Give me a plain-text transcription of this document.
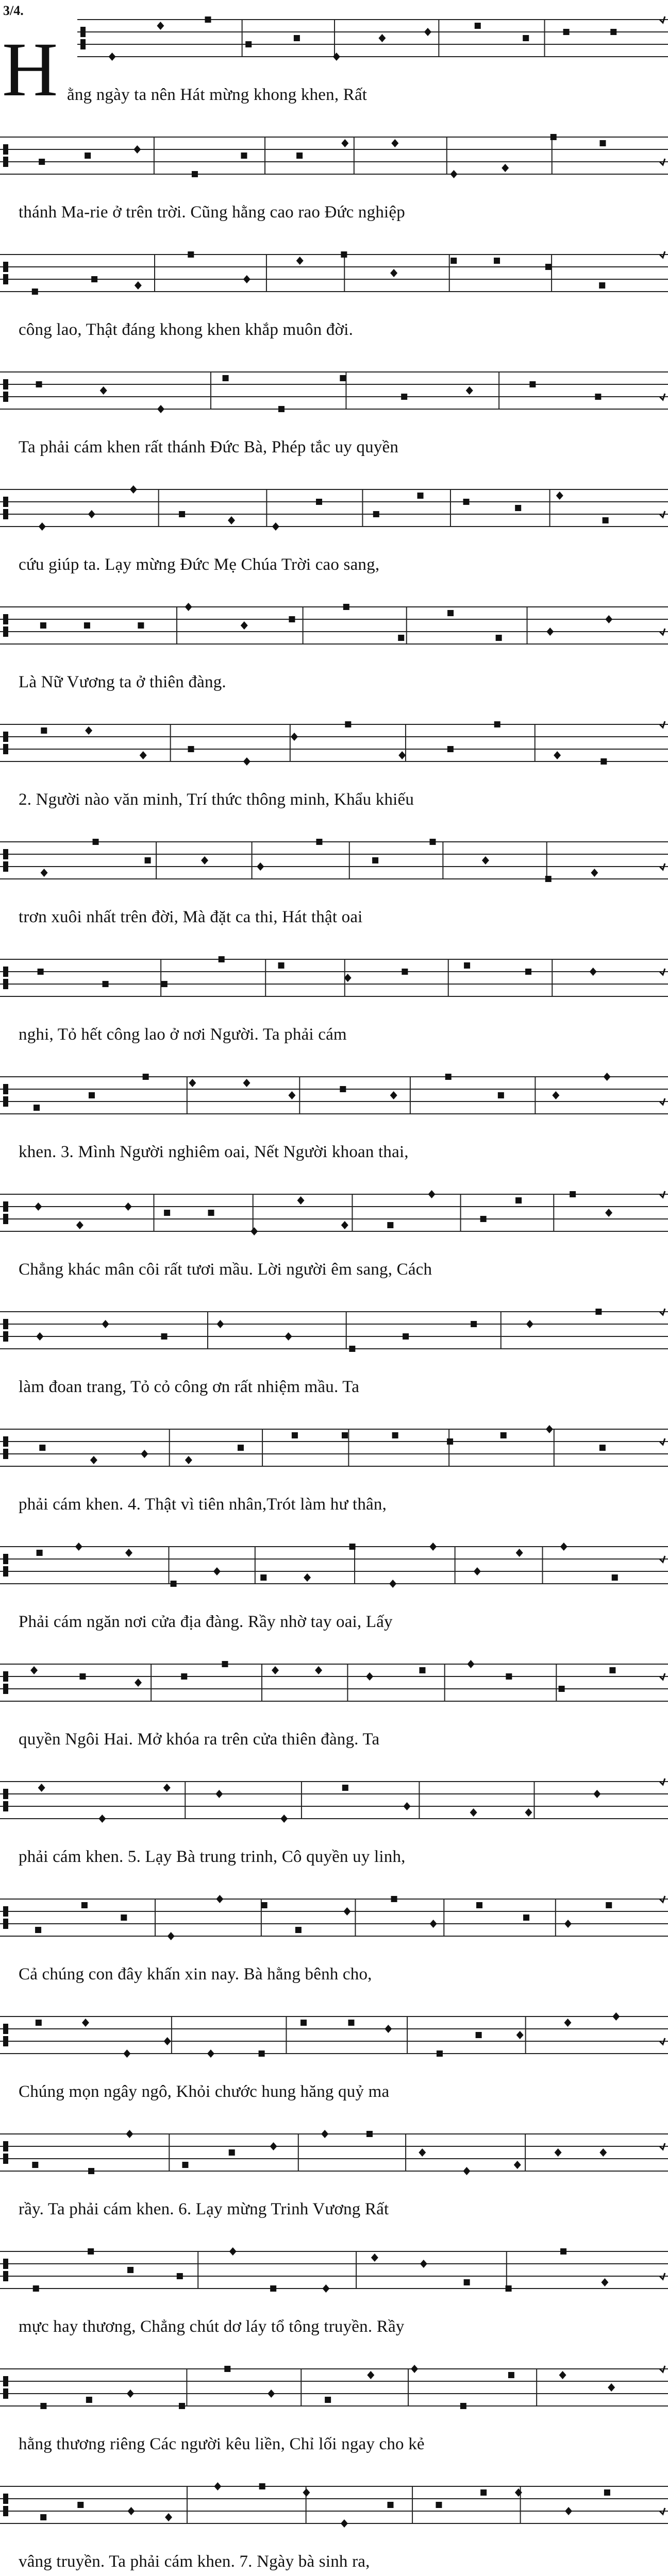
3/4.
ằng ngày ta nên Hát mừng khong khen, Rất
H
thánh Ma-rie ở trên trời. Cũng hằng cao rao Đức nghiệp
công lao, Thật đáng khong khen khắp muôn đời.
Ta phải cám khen rất thánh Đức Bà, Phép tắc uy quyền
cứu giúp ta. Lạy mừng Đức Mẹ Chúa Trời cao sang,
Là Nữ Vương ta ở thiên đàng.
2. Người nào văn minh, Trí thức thông minh, Khẩu khiếu
trơn xuôi nhất trên đời, Mà đặt ca thi, Hát thật oai
nghi, Tỏ hết công lao ở nơi Người. Ta phải cám
khen. 3. Mình Người nghiêm oai, Nết Người khoan thai,
Chẳng khác mân côi rất tươi mầu. Lời người êm sang, Cách
làm đoan trang, Tỏ cỏ công ơn rất nhiệm mầu. Ta
phải cám khen. 4. Thật vì tiên nhân,Trót làm hư thân,
Phải cám ngăn nơi cửa địa đàng. Rầy nhờ tay oai, Lấy
quyền Ngôi Hai. Mở khóa ra trên cửa thiên đàng. Ta
phải cám khen. 5. Lạy Bà trung trinh, Cô quyền uy linh,
Cả chúng con đây khấn xin nay. Bà hằng bênh cho,
Chúng mọn ngây ngô, Khỏi chước hung hăng quỷ ma
rầy. Ta phải cám khen. 6. Lạy mừng Trinh Vương Rất
mực hay thương, Chẳng chút dơ láy tổ tông truyền. Rầy
hằng thương riêng Các người kêu liền, Chỉ lối ngay cho kẻ
vâng truyền. Ta phải cám khen. 7. Ngày bà sinh ra,
